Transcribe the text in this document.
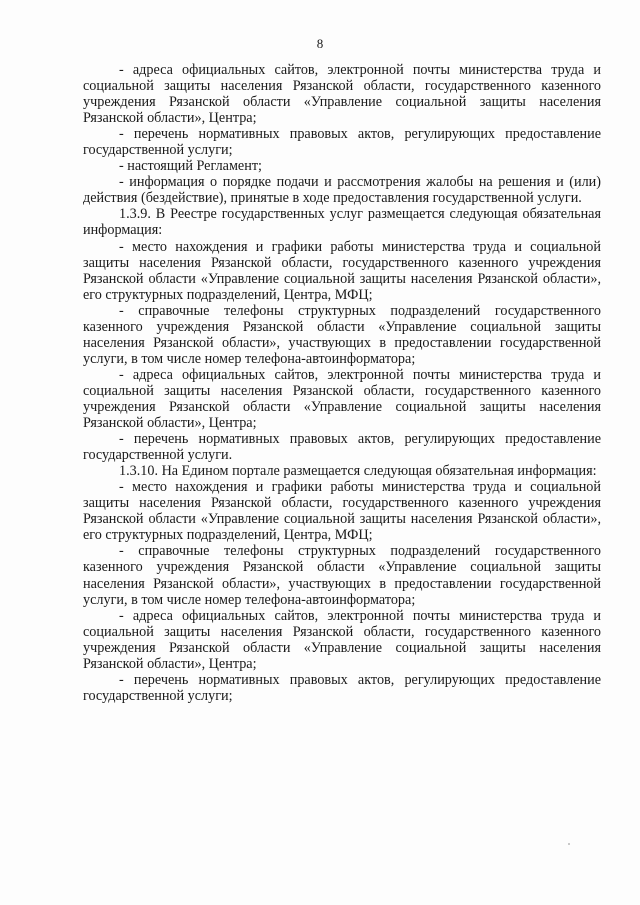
8

- адреса официальных сайтов, электронной почты министерства труда и социальной защиты населения Рязанской области, государственного казенного учреждения Рязанской области «Управление социальной защиты населения Рязанской области», Центра;

- перечень нормативных правовых актов, регулирующих предоставление государственной услуги;

- настоящий Регламент;

- информация о порядке подачи и рассмотрения жалобы на решения и (или) действия (бездействие), принятые в ходе предоставления государственной услуги.

1.3.9. В Реестре государственных услуг размещается следующая обязательная информация:

- место нахождения и графики работы министерства труда и социальной защиты населения Рязанской области, государственного казенного учреждения Рязанской области «Управление социальной защиты населения Рязанской области», его структурных подразделений, Центра, МФЦ;

- справочные телефоны структурных подразделений государственного казенного учреждения Рязанской области «Управление социальной защиты населения Рязанской области», участвующих в предоставлении государственной услуги, в том числе номер телефона-автоинформатора;

- адреса официальных сайтов, электронной почты министерства труда и социальной защиты населения Рязанской области, государственного казенного учреждения Рязанской области «Управление социальной защиты населения Рязанской области», Центра;

- перечень нормативных правовых актов, регулирующих предоставление государственной услуги.

1.3.10. На Едином портале размещается следующая обязательная информация:

- место нахождения и графики работы министерства труда и социальной защиты населения Рязанской области, государственного казенного учреждения Рязанской области «Управление социальной защиты населения Рязанской области», его структурных подразделений, Центра, МФЦ;

- справочные телефоны структурных подразделений государственного казенного учреждения Рязанской области «Управление социальной защиты населения Рязанской области», участвующих в предоставлении государственной услуги, в том числе номер телефона-автоинформатора;

- адреса официальных сайтов, электронной почты министерства труда и социальной защиты населения Рязанской области, государственного казенного учреждения Рязанской области «Управление социальной защиты населения Рязанской области», Центра;

- перечень нормативных правовых актов, регулирующих предоставление государственной услуги;
